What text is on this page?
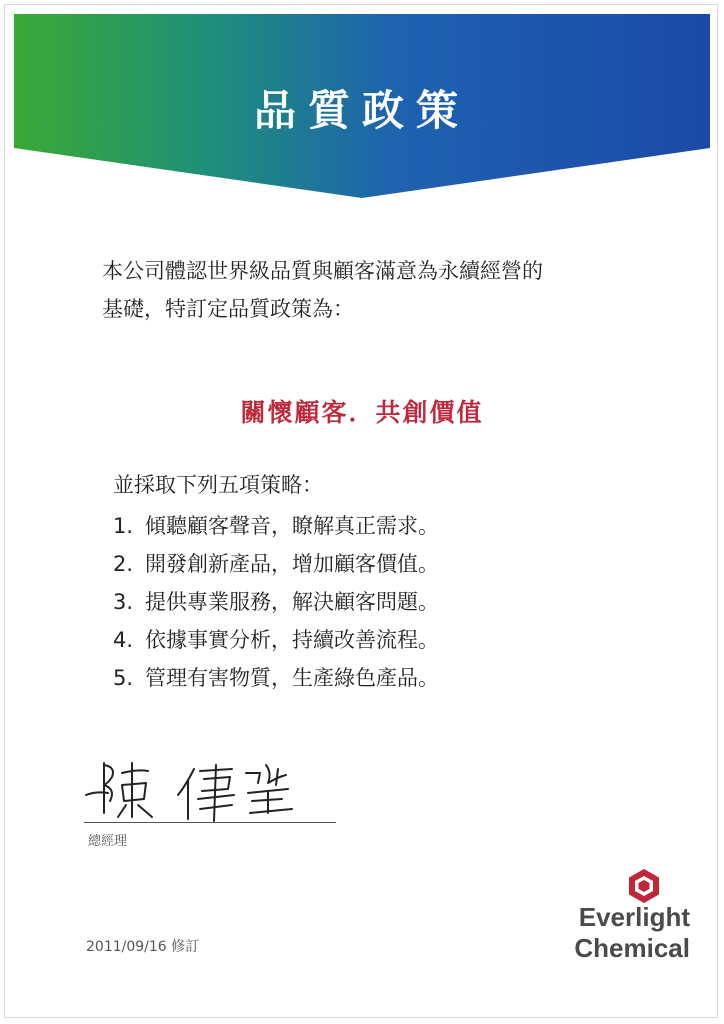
品質政策
本公司體認世界級品質與顧客滿意為永續經營的
基礎，特訂定品質政策為：
關懷顧客．共創價值
並採取下列五項策略：
1. 傾聽顧客聲音，瞭解真正需求。
2. 開發創新產品，增加顧客價值。
3. 提供專業服務，解決顧客問題。
4. 依據事實分析，持續改善流程。
5. 管理有害物質，生產綠色產品。
總經理
2011/09/16 修訂
Everlight
Chemical
